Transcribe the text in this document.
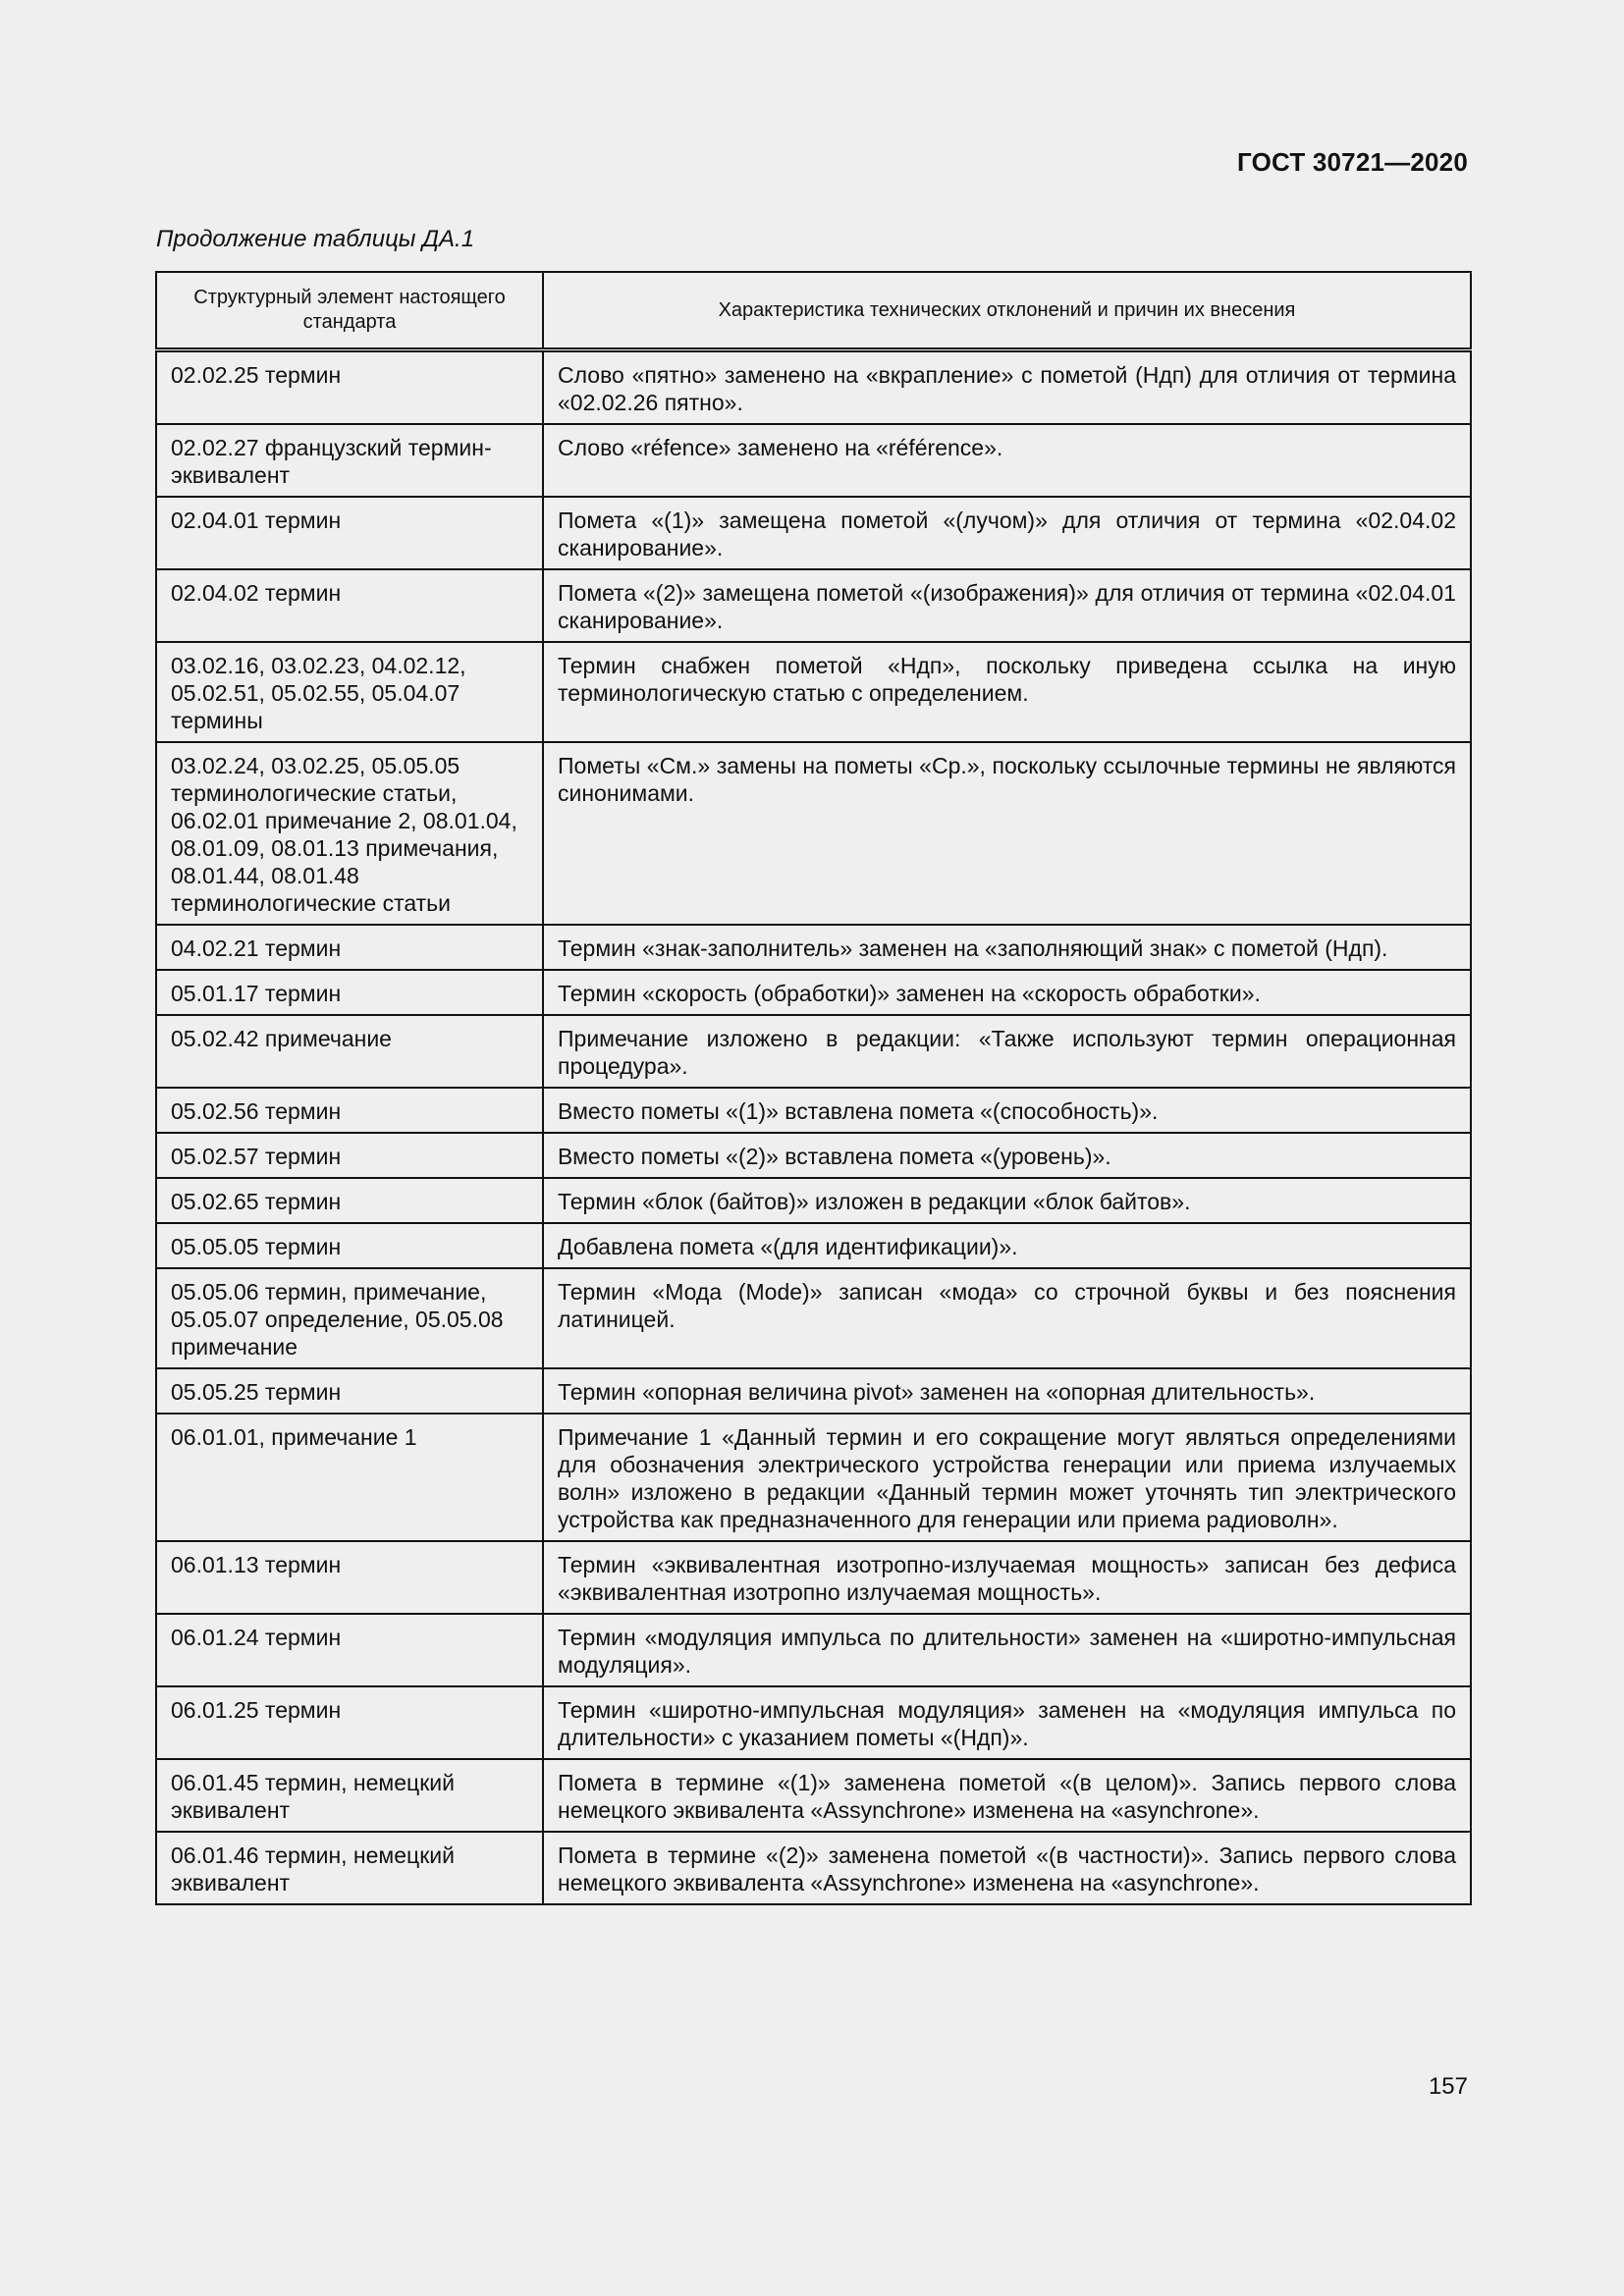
ГОСТ 30721—2020
Продолжение таблицы ДА.1
Структурный элемент настоящего стандарта	Характеристика технических отклонений и причин их внесения
02.02.25 термин	Слово «пятно» заменено на «вкрапление» с пометой (Ндп) для отличия от термина «02.02.26 пятно».
02.02.27 французский термин-эквивалент	Слово «réfence» заменено на «référence».
02.04.01 термин	Помета «(1)» замещена пометой «(лучом)» для отличия от термина «02.04.02 сканирование».
02.04.02 термин	Помета «(2)» замещена пометой «(изображения)» для отличия от термина «02.04.01 сканирование».
03.02.16, 03.02.23, 04.02.12, 05.02.51, 05.02.55, 05.04.07 термины	Термин снабжен пометой «Ндп», поскольку приведена ссылка на иную терминологическую статью с определением.
03.02.24, 03.02.25, 05.05.05 терминологические статьи, 06.02.01 примечание 2, 08.01.04, 08.01.09, 08.01.13 примечания, 08.01.44, 08.01.48 терминологические статьи	Пометы «См.» замены на пометы «Ср.», поскольку ссылочные термины не являются синонимами.
04.02.21 термин	Термин «знак-заполнитель» заменен на «заполняющий знак» с пометой (Ндп).
05.01.17 термин	Термин «скорость (обработки)» заменен на «скорость обработки».
05.02.42 примечание	Примечание изложено в редакции: «Также используют термин операционная процедура».
05.02.56 термин	Вместо пометы «(1)» вставлена помета «(способность)».
05.02.57 термин	Вместо пометы «(2)» вставлена помета «(уровень)».
05.02.65 термин	Термин «блок (байтов)» изложен в редакции «блок байтов».
05.05.05 термин	Добавлена помета «(для идентификации)».
05.05.06 термин, примечание, 05.05.07 определение, 05.05.08 примечание	Термин «Мода (Mode)» записан «мода» со строчной буквы и без пояснения латиницей.
05.05.25 термин	Термин «опорная величина pivot» заменен на «опорная длительность».
06.01.01, примечание 1	Примечание 1 «Данный термин и его сокращение могут являться определениями для обозначения электрического устройства генерации или приема излучаемых волн» изложено в редакции «Данный термин может уточнять тип электрического устройства как предназначенного для генерации или приема радиоволн».
06.01.13 термин	Термин «эквивалентная изотропно-излучаемая мощность» записан без дефиса «эквивалентная изотропно излучаемая мощность».
06.01.24 термин	Термин «модуляция импульса по длительности» заменен на «широтно-импульсная модуляция».
06.01.25 термин	Термин «широтно-импульсная модуляция» заменен на «модуляция импульса по длительности» с указанием пометы «(Ндп)».
06.01.45 термин, немецкий эквивалент	Помета в термине «(1)» заменена пометой «(в целом)». Запись первого слова немецкого эквивалента «Assynchrone» изменена на «asynchrone».
06.01.46 термин, немецкий эквивалент	Помета в термине «(2)» заменена пометой «(в частности)». Запись первого слова немецкого эквивалента «Assynchrone» изменена на «asynchrone».
157
